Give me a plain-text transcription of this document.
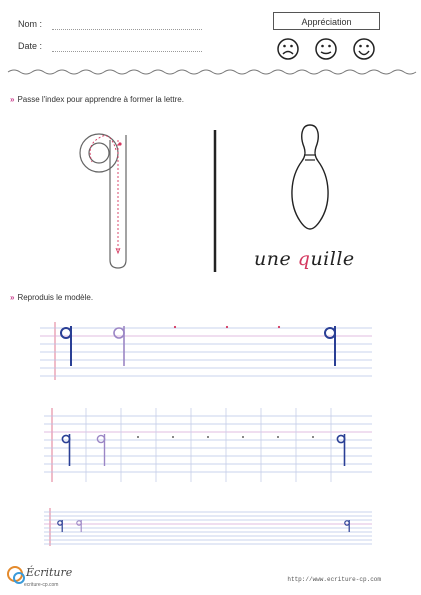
Nom :
Date :
Appréciation
» Passe l'index pour apprendre à former la lettre.
une quille
» Reproduis le modèle.
Écriture
ecriture-cp.com
http://www.ecriture-cp.com
